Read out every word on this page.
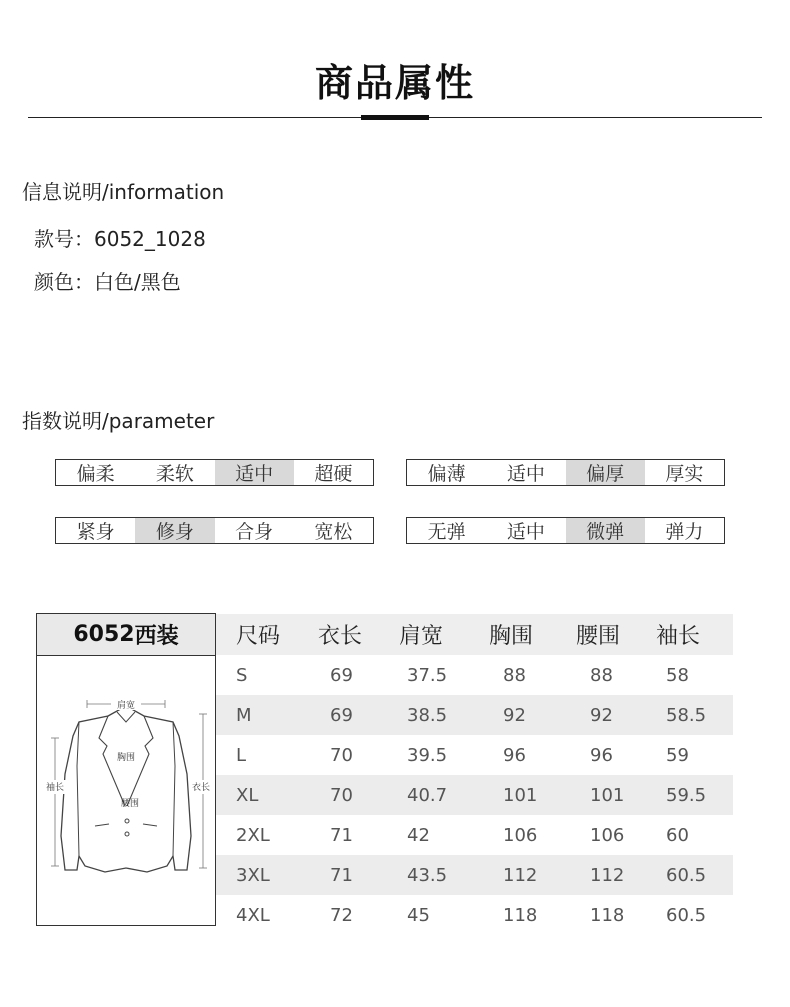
商品属性
信息说明/information
款号：6052_1028
颜色：白色/黑色
指数说明/parameter
偏柔	柔软	适中	超硬	偏薄	适中	偏厚	厚实
紧身	修身	合身	宽松	无弹	适中	微弹	弹力
6052 西装
肩宽
胸围
腰围
袖长	衣长
尺码	衣长	肩宽	胸围	腰围	袖长
S	69	37.5	88	88	58
M	69	38.5	92	92	58.5
L	70	39.5	96	96	59
XL	70	40.7	101	101	59.5
2XL	71	42	106	106	60
3XL	71	43.5	112	112	60.5
4XL	72	45	118	118	60.5
